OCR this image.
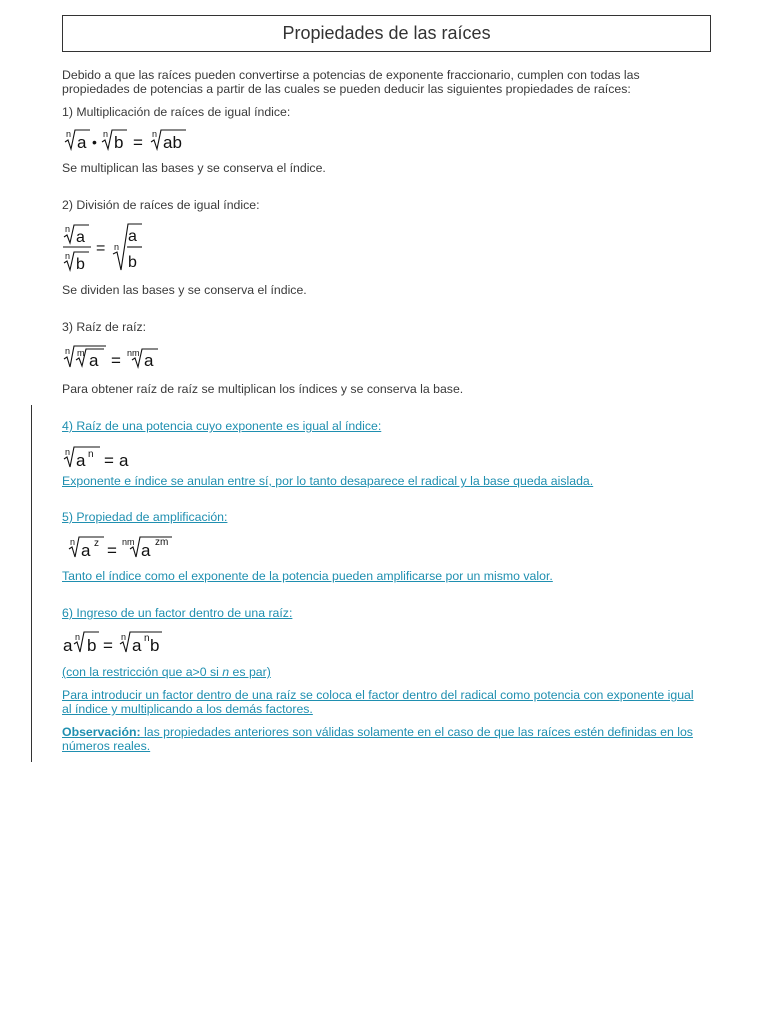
Propiedades de las raíces
Debido a que las raíces pueden convertirse a potencias de exponente fraccionario, cumplen con todas las
propiedades de potencias a partir de las cuales se pueden deducir las siguientes propiedades de raíces:
1) Multiplicación de raíces de igual índice:
n a • n b = n ab
Se multiplican las bases y se conserva el índice.
2) División de raíces de igual índice:
n a
n b
= n
a
b
Se dividen las bases y se conserva el índice.
3) Raíz de raíz:
n m a = nm a
Para obtener raíz de raíz se multiplican los índices y se conserva la base.
4) Raíz de una potencia cuyo exponente es igual al índice:
n a n = a
Exponente e índice se anulan entre sí, por lo tanto desaparece el radical y la base queda aislada.
5) Propiedad de amplificación:
n a z = nm a zm
Tanto el índice como el exponente de la potencia pueden amplificarse por un mismo valor.
6) Ingreso de un factor dentro de una raíz:
a n b = n a n b
(con la restricción que a>0 si n es par)
Para introducir un factor dentro de una raíz se coloca el factor dentro del radical como potencia con exponente igual
al índice y multiplicando a los demás factores.
Observación: las propiedades anteriores son válidas solamente en el caso de que las raíces estén definidas en los
números reales.
